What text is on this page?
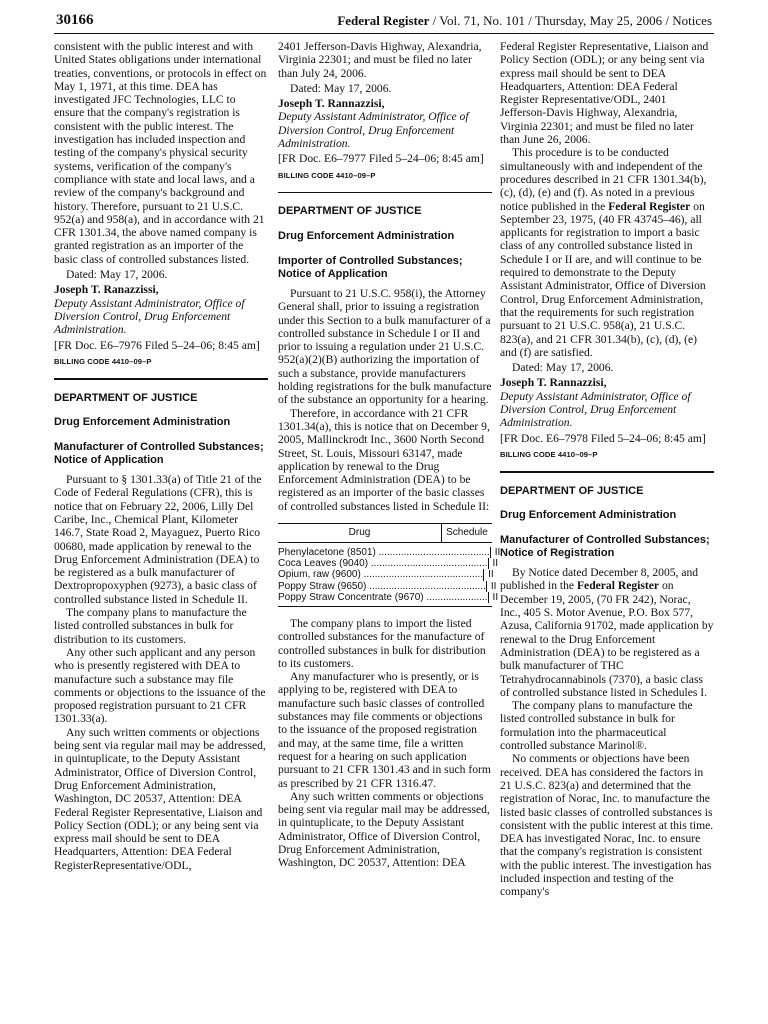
30166	Federal Register / Vol. 71, No. 101 / Thursday, May 25, 2006 / Notices

consistent with the public interest and with United States obligations under international treaties, conventions, or protocols in effect on May 1, 1971, at this time. DEA has investigated JFC Technologies, LLC to ensure that the company's registration is consistent with the public interest. The investigation has included inspection and testing of the company's physical security systems, verification of the company's compliance with state and local laws, and a review of the company's background and history. Therefore, pursuant to 21 U.S.C. 952(a) and 958(a), and in accordance with 21 CFR 1301.34, the above named company is granted registration as an importer of the basic class of controlled substances listed.

Dated: May 17, 2006.

Joseph T. Ranazzissi,

Deputy Assistant Administrator, Office of Diversion Control, Drug Enforcement Administration.

[FR Doc. E6–7976 Filed 5–24–06; 8:45 am]

BILLING CODE 4410–09–P

DEPARTMENT OF JUSTICE

Drug Enforcement Administration

Manufacturer of Controlled Substances; Notice of Application

Pursuant to § 1301.33(a) of Title 21 of the Code of Federal Regulations (CFR), this is notice that on February 22, 2006, Lilly Del Caribe, Inc., Chemical Plant, Kilometer 146.7, State Road 2, Mayaguez, Puerto Rico 00680, made application by renewal to the Drug Enforcement Administration (DEA) to be registered as a bulk manufacturer of Dextropropoxyphen (9273), a basic class of controlled substance listed in Schedule II.

The company plans to manufacture the listed controlled substances in bulk for distribution to its customers.

Any other such applicant and any person who is presently registered with DEA to manufacture such a substance may file comments or objections to the issuance of the proposed registration pursuant to 21 CFR 1301.33(a).

Any such written comments or objections being sent via regular mail may be addressed, in quintuplicate, to the Deputy Assistant Administrator, Office of Diversion Control, Drug Enforcement Administration, Washington, DC 20537, Attention: DEA Federal Register Representative, Liaison and Policy Section (ODL); or any being sent via express mail should be sent to DEA Headquarters, Attention: DEA Federal RegisterRepresentative/ODL,

2401 Jefferson-Davis Highway, Alexandria, Virginia 22301; and must be filed no later than July 24, 2006.

Dated: May 17, 2006.

Joseph T. Rannazzisi,

Deputy Assistant Administrator, Office of Diversion Control, Drug Enforcement Administration.

[FR Doc. E6–7977 Filed 5–24–06; 8:45 am]

BILLING CODE 4410–09–P

DEPARTMENT OF JUSTICE

Drug Enforcement Administration

Importer of Controlled Substances; Notice of Application

Pursuant to 21 U.S.C. 958(i), the Attorney General shall, prior to issuing a registration under this Section to a bulk manufacturer of a controlled substance in Schedule I or II and prior to issuing a regulation under 21 U.S.C. 952(a)(2)(B) authorizing the importation of such a substance, provide manufacturers holding registrations for the bulk manufacture of the substance an opportunity for a hearing.

Therefore, in accordance with 21 CFR 1301.34(a), this is notice that on December 9, 2005, Mallinckrodt Inc., 3600 North Second Street, St. Louis, Missouri 63147, made application by renewal to the Drug Enforcement Administration (DEA) to be registered as an importer of the basic classes of controlled substances listed in Schedule II:

Drug	Schedule
Phenylacetone (8501) ........................................ II
Coca Leaves (9040) .......................................... II
Opium, raw (9600) ........................................... II
Poppy Straw (9650) .......................................... II
Poppy Straw Concentrate (9670) ...................... II

The company plans to import the listed controlled substances for the manufacture of controlled substances in bulk for distribution to its customers.

Any manufacturer who is presently, or is applying to be, registered with DEA to manufacture such basic classes of controlled substances may file comments or objections to the issuance of the proposed registration and may, at the same time, file a written request for a hearing on such application pursuant to 21 CFR 1301.43 and in such form as prescribed by 21 CFR 1316.47.

Any such written comments or objections being sent via regular mail may be addressed, in quintuplicate, to the Deputy Assistant Administrator, Office of Diversion Control, Drug Enforcement Administration, Washington, DC 20537, Attention: DEA

Federal Register Representative, Liaison and Policy Section (ODL); or any being sent via express mail should be sent to DEA Headquarters, Attention: DEA Federal Register Representative/ODL, 2401 Jefferson-Davis Highway, Alexandria, Virginia 22301; and must be filed no later than June 26, 2006.

This procedure is to be conducted simultaneously with and independent of the procedures described in 21 CFR 1301.34(b), (c), (d), (e) and (f). As noted in a previous notice published in the Federal Register on September 23, 1975, (40 FR 43745–46), all applicants for registration to import a basic class of any controlled substance listed in Schedule I or II are, and will continue to be required to demonstrate to the Deputy Assistant Administrator, Office of Diversion Control, Drug Enforcement Administration, that the requirements for such registration pursuant to 21 U.S.C. 958(a), 21 U.S.C. 823(a), and 21 CFR 301.34(b), (c), (d), (e) and (f) are satisfied.

Dated: May 17, 2006.

Joseph T. Rannazzisi,

Deputy Assistant Administrator, Office of Diversion Control, Drug Enforcement Administration.

[FR Doc. E6–7978 Filed 5–24–06; 8:45 am]

BILLING CODE 4410–09–P

DEPARTMENT OF JUSTICE

Drug Enforcement Administration

Manufacturer of Controlled Substances; Notice of Registration

By Notice dated December 8, 2005, and published in the Federal Register on December 19, 2005, (70 FR 242), Norac, Inc., 405 S. Motor Avenue, P.O. Box 577, Azusa, California 91702, made application by renewal to the Drug Enforcement Administration (DEA) to be registered as a bulk manufacturer of THC Tetrahydrocannabinols (7370), a basic class of controlled substance listed in Schedules I.

The company plans to manufacture the listed controlled substance in bulk for formulation into the pharmaceutical controlled substance Marinol®.

No comments or objections have been received. DEA has considered the factors in 21 U.S.C. 823(a) and determined that the registration of Norac, Inc. to manufacture the listed basic classes of controlled substances is consistent with the public interest at this time. DEA has investigated Norac, Inc. to ensure that the company's registration is consistent with the public interest. The investigation has included inspection and testing of the company's
